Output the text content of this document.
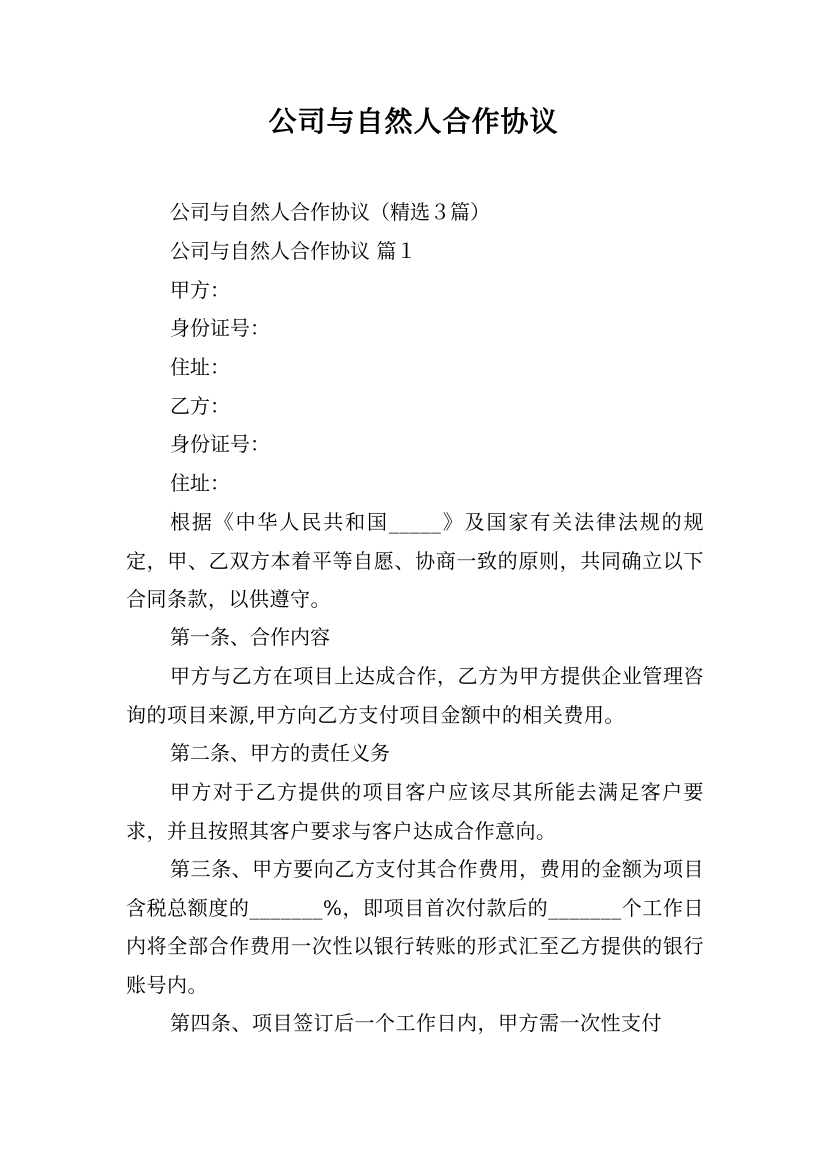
公司与自然人合作协议
公司与自然人合作协议（精选３篇）
公司与自然人合作协议 篇１
甲方：
身份证号：
住址：
乙方：
身份证号：
住址：
根据《中华人民共和国_____》及国家有关法律法规的规定，甲、乙双方本着平等自愿、协商一致的原则，共同确立以下合同条款，以供遵守。
第一条、合作内容
甲方与乙方在项目上达成合作，乙方为甲方提供企业管理咨询的项目来源,甲方向乙方支付项目金额中的相关费用。
第二条、甲方的责任义务
甲方对于乙方提供的项目客户应该尽其所能去满足客户要求，并且按照其客户要求与客户达成合作意向。
第三条、甲方要向乙方支付其合作费用，费用的金额为项目含税总额度的_______%，即项目首次付款后的_______个工作日内将全部合作费用一次性以银行转账的形式汇至乙方提供的银行账号内。
第四条、项目签订后一个工作日内，甲方需一次性支付
